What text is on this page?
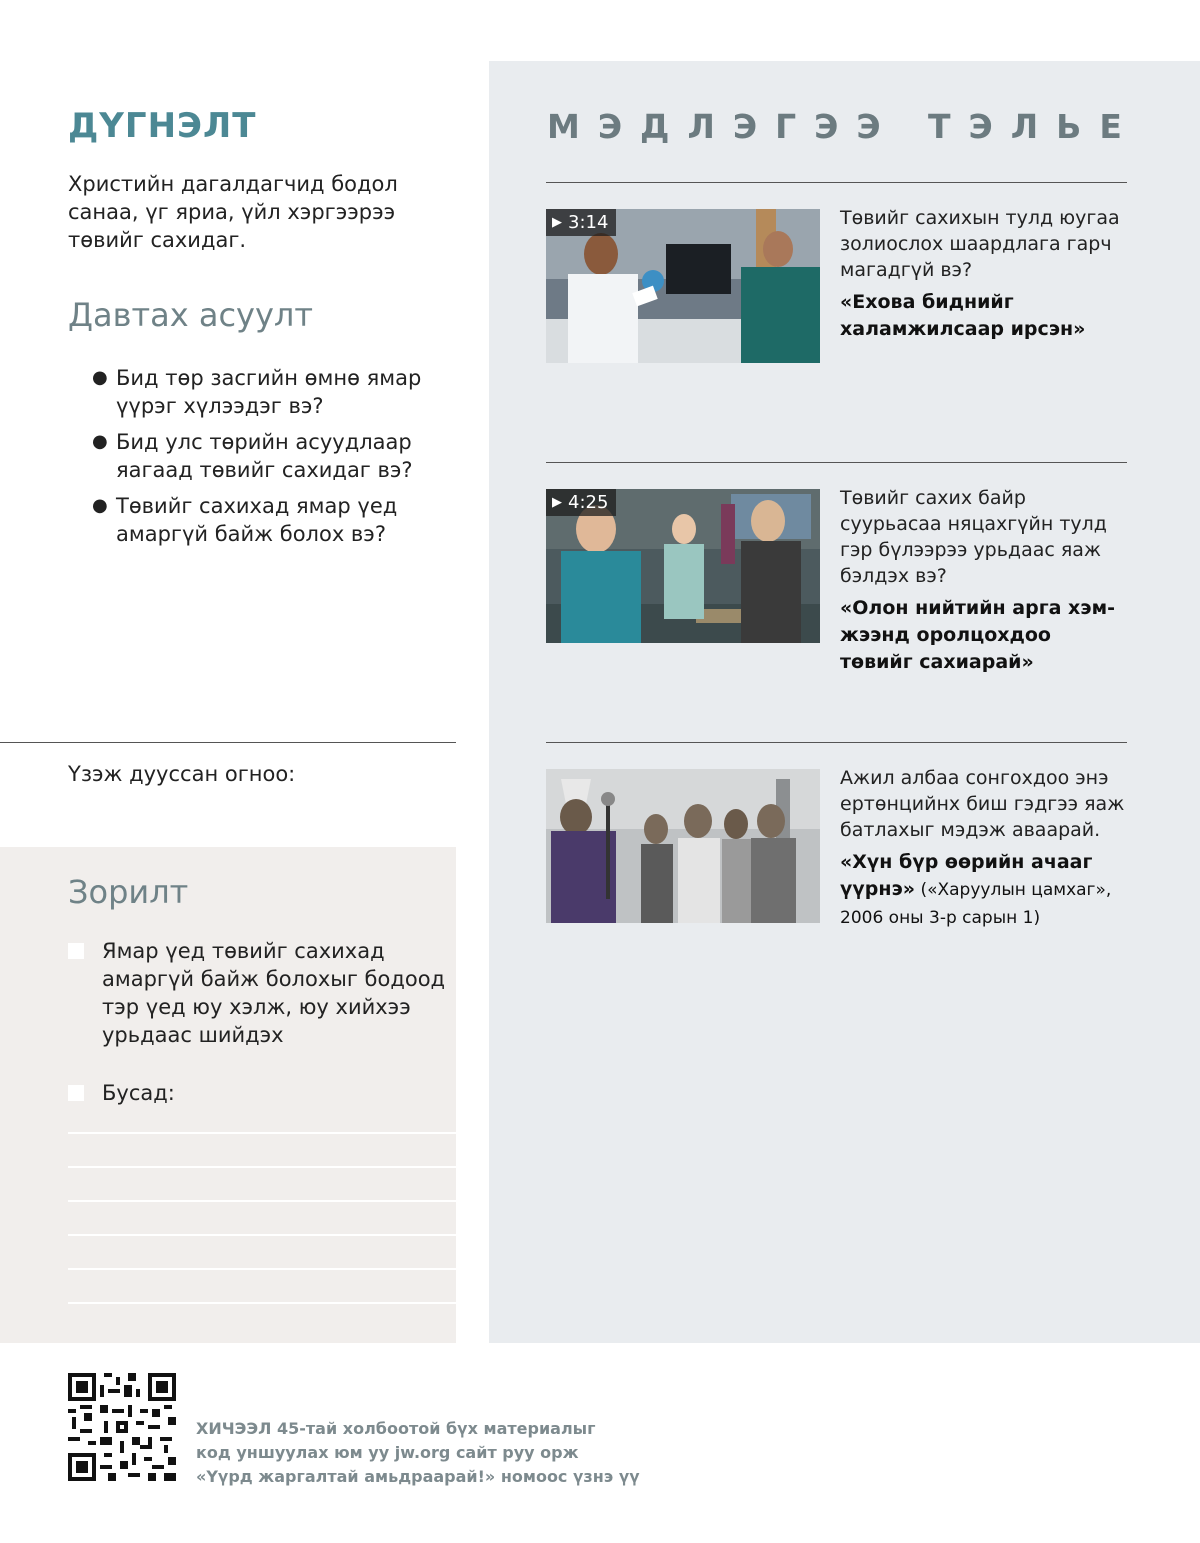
ДҮГНЭЛТ

Христийн дагалдагчид бодол санаа, үг яриа, үйл хэргээрээ төвийг сахидаг.

Давтах асуулт
● Бид төр засгийн өмнө ямар үүрэг хүлээдэг вэ?
● Бид улс төрийн асуудлаар яагаад төвийг сахидаг вэ?
● Төвийг сахихад ямар үед амаргүй байж болох вэ?
Үзэж дууссан огноо:
Зорилт
Ямар үед төвийг сахихад амаргүй байж болохыг бодоод тэр үед юу хэлж, юу хийхээ урьдаас шийдэх
Бусад:
МЭДЛЭГЭЭ ТЭЛЬЕ
▶ 3:14	Төвийг сахихын тулд юугаа золиослох шаардлага гарч магадгүй вэ?
«Ехова биднийг халамжилсаар ирсэн»
▶ 4:25	Төвийг сахих байр суурьасаа няцахгүйн тулд гэр бүлээрээ урьдаас яаж бэлдэх вэ?
«Олон нийтийн арга хэмжээнд оролцохдоо төвийг сахиарай»
Ажил албаа сонгохдоо энэ ертөнцийнх биш гэдгээ яаж батлахыг мэдэж аваарай.
«Хүн бүр өөрийн ачааг үүрнэ» («Харуулын цамхаг», 2006 оны 3-р сарын 1)
ХИЧЭЭЛ 45-тай холбоотой бүх материалыг
код уншуулах юм уу jw.org сайт руу орж
«Үүрд жаргалтай амьдраарай!» номоос үзнэ үү
